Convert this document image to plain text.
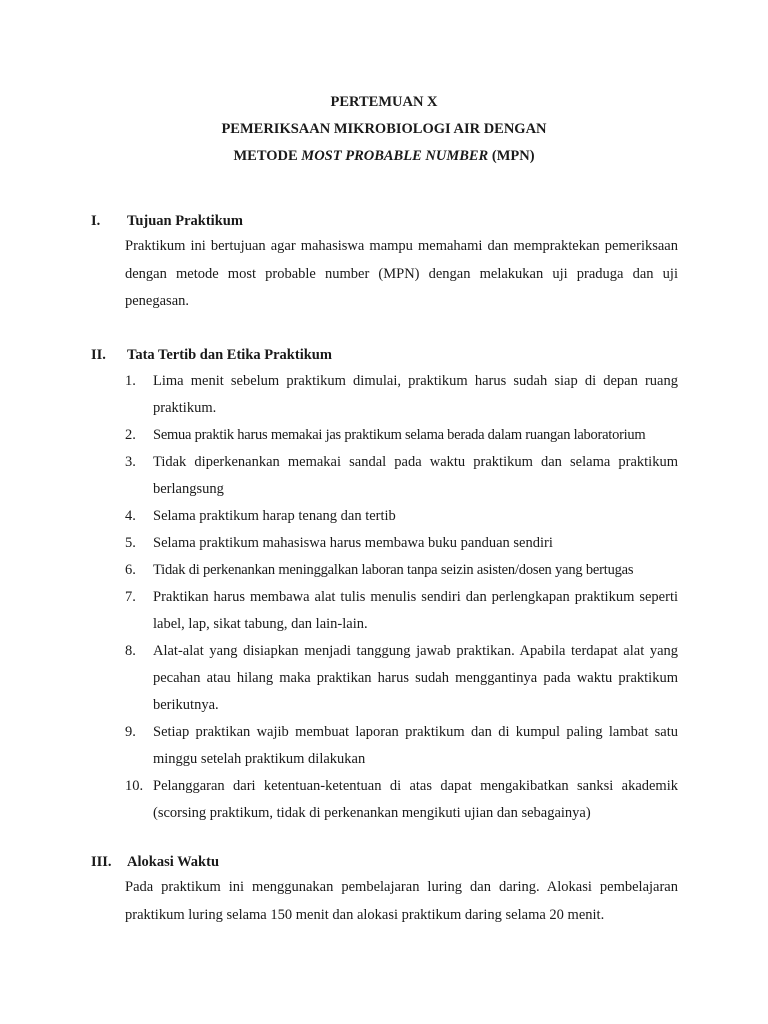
PERTEMUAN X
PEMERIKSAAN MIKROBIOLOGI AIR DENGAN
METODE MOST PROBABLE NUMBER (MPN)
I. Tujuan Praktikum
Praktikum ini bertujuan agar mahasiswa mampu memahami dan mempraktekan pemeriksaan dengan metode most probable number (MPN) dengan melakukan uji praduga dan uji penegasan.
II. Tata Tertib dan Etika Praktikum
1. Lima menit sebelum praktikum dimulai, praktikum harus sudah siap di depan ruang praktikum.
2. Semua praktik harus memakai jas praktikum selama berada dalam ruangan laboratorium
3. Tidak diperkenankan memakai sandal pada waktu praktikum dan selama praktikum berlangsung
4. Selama praktikum harap tenang dan tertib
5. Selama praktikum mahasiswa harus membawa buku panduan sendiri
6. Tidak di perkenankan meninggalkan laboran tanpa seizin asisten/dosen yang bertugas
7. Praktikan harus membawa alat tulis menulis sendiri dan perlengkapan praktikum seperti label, lap, sikat tabung, dan lain-lain.
8. Alat-alat yang disiapkan menjadi tanggung jawab praktikan. Apabila terdapat alat yang pecahan atau hilang maka praktikan harus sudah menggantinya pada waktu praktikum berikutnya.
9. Setiap praktikan wajib membuat laporan praktikum dan di kumpul paling lambat satu minggu setelah praktikum dilakukan
10. Pelanggaran dari ketentuan-ketentuan di atas dapat mengakibatkan sanksi akademik (scorsing praktikum, tidak di perkenankan mengikuti ujian dan sebagainya)
III. Alokasi Waktu
Pada praktikum ini menggunakan pembelajaran luring dan daring. Alokasi pembelajaran praktikum luring selama 150 menit dan alokasi praktikum daring selama 20 menit.
